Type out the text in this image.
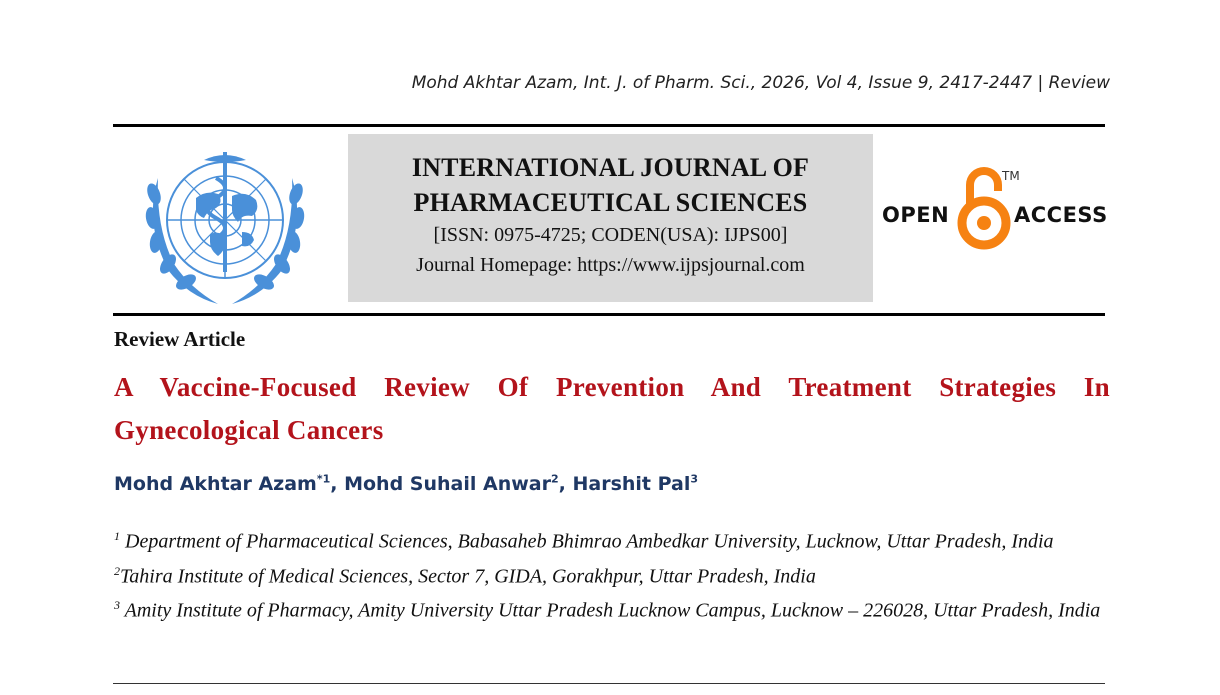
Mohd Akhtar Azam, Int. J. of Pharm. Sci., 2026, Vol 4, Issue 9, 2417-2447 | Review
INTERNATIONAL JOURNAL OF
PHARMACEUTICAL SCIENCES
[ISSN: 0975-4725; CODEN(USA): IJPS00]
Journal Homepage: https://www.ijpsjournal.com
OPEN
TM
ACCESS
Review Article
A Vaccine-Focused Review Of Prevention And Treatment Strategies In Gynecological Cancers
Mohd Akhtar Azam$^{*1}$, Mohd Suhail Anwar$^2$, Harshit Pal$^3$
$^1$ Department of Pharmaceutical Sciences, Babasaheb Bhimrao Ambedkar University, Lucknow, Uttar Pradesh, India
$^2$Tahira Institute of Medical Sciences, Sector 7, GIDA, Gorakhpur, Uttar Pradesh, India
$^3$ Amity Institute of Pharmacy, Amity University Uttar Pradesh Lucknow Campus, Lucknow – 226028, Uttar Pradesh, India
